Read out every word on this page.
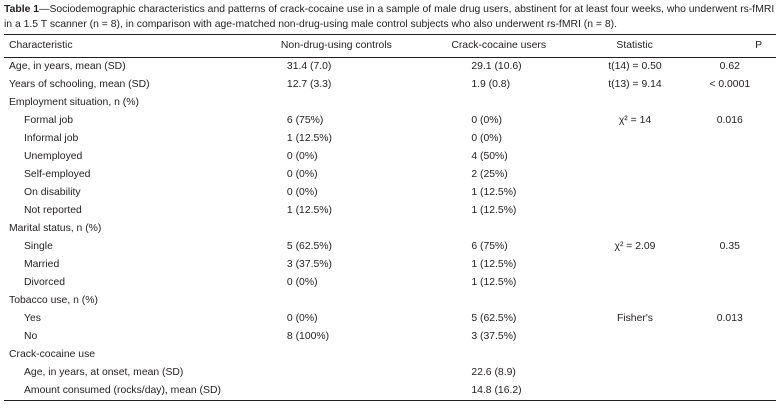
Table 1—Sociodemographic characteristics and patterns of crack-cocaine use in a sample of male drug users, abstinent for at least four weeks, who underwent rs-fMRI in a 1.5 T scanner (n = 8), in comparison with age-matched non-drug-using male control subjects who also underwent rs-fMRI (n = 8).
Characteristic	Non-drug-using controls	Crack-cocaine users	Statistic	P
Age, in years, mean (SD)	31.4 (7.0)	29.1 (10.6)	t(14) = 0.50	0.62
Years of schooling, mean (SD)	12.7 (3.3)	1.9 (0.8)	t(13) = 9.14	< 0.0001
Employment situation, n (%)				
Formal job	6 (75%)	0 (0%)	χ² = 14	0.016
Informal job	1 (12.5%)	0 (0%)		
Unemployed	0 (0%)	4 (50%)		
Self-employed	0 (0%)	2 (25%)		
On disability	0 (0%)	1 (12.5%)		
Not reported	1 (12.5%)	1 (12.5%)		
Marital status, n (%)				
Single	5 (62.5%)	6 (75%)	χ² = 2.09	0.35
Married	3 (37.5%)	1 (12.5%)		
Divorced	0 (0%)	1 (12.5%)		
Tobacco use, n (%)				
Yes	0 (0%)	5 (62.5%)	Fisher's	0.013
No	8 (100%)	3 (37.5%)		
Crack-cocaine use				
Age, in years, at onset, mean (SD)		22.6 (8.9)		
Amount consumed (rocks/day), mean (SD)		14.8 (16.2)		
